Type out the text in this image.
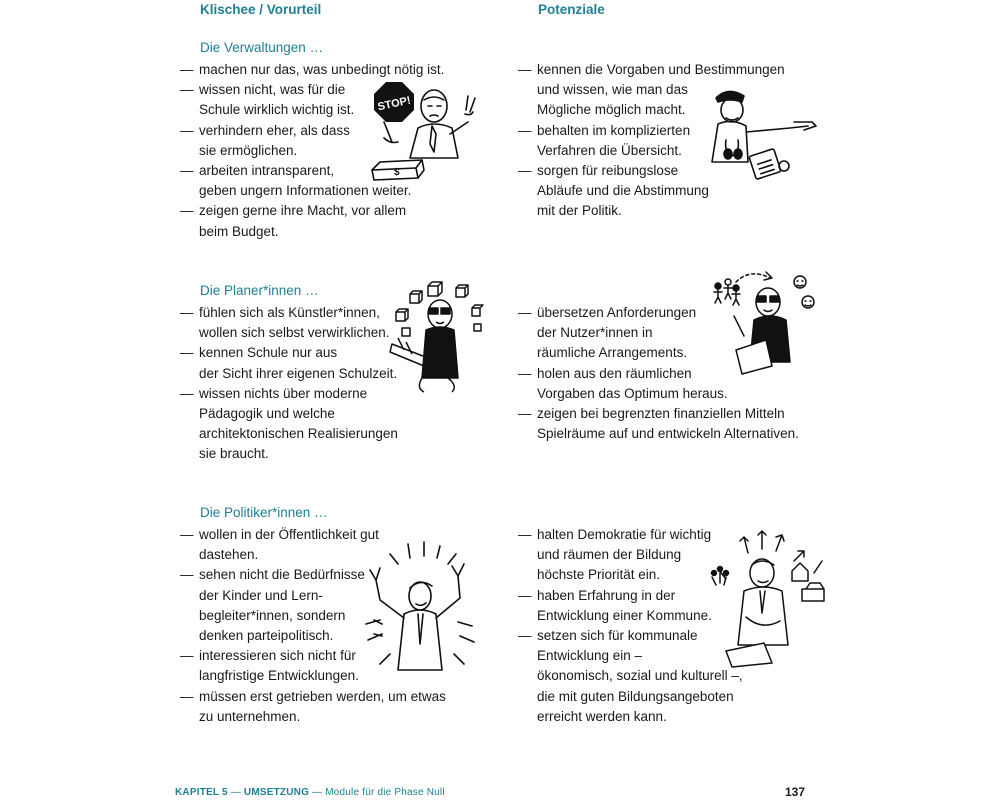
Klischee / Vorurteil	Potenziale
Die Verwaltungen …
— machen nur das, was unbedingt nötig ist.
— wissen nicht, was für die
Schule wirklich wichtig ist.
— verhindern eher, als dass
sie ermöglichen.
— arbeiten intransparent,
geben ungern Informationen weiter.
— zeigen gerne ihre Macht, vor allem
beim Budget.
— kennen die Vorgaben und Bestimmungen
und wissen, wie man das
Mögliche möglich macht.
— behalten im komplizierten
Verfahren die Übersicht.
— sorgen für reibungslose
Abläufe und die Abstimmung
mit der Politik.
STOP!
$
Die Planer*innen …
— fühlen sich als Künstler*innen,
wollen sich selbst verwirklichen.
— kennen Schule nur aus
der Sicht ihrer eigenen Schulzeit.
— wissen nichts über moderne
Pädagogik und welche
architektonischen Realisierungen
sie braucht.
— übersetzen Anforderungen
der Nutzer*innen in
räumliche Arrangements.
— holen aus den räumlichen
Vorgaben das Optimum heraus.
— zeigen bei begrenzten finanziellen Mitteln
Spielräume auf und entwickeln Alternativen.
Die Politiker*innen …
— wollen in der Öffentlichkeit gut
dastehen.
— sehen nicht die Bedürfnisse
der Kinder und Lern-
begleiter*innen, sondern
denken parteipolitisch.
— interessieren sich nicht für
langfristige Entwicklungen.
— müssen erst getrieben werden, um etwas
zu unternehmen.
— halten Demokratie für wichtig
und räumen der Bildung
höchste Priorität ein.
— haben Erfahrung in der
Entwicklung einer Kommune.
— setzen sich für kommunale
Entwicklung ein –
ökonomisch, sozial und kulturell –,
die mit guten Bildungsangeboten
erreicht werden kann.
KAPITEL 5 — UMSETZUNG — Module für die Phase Null	137
